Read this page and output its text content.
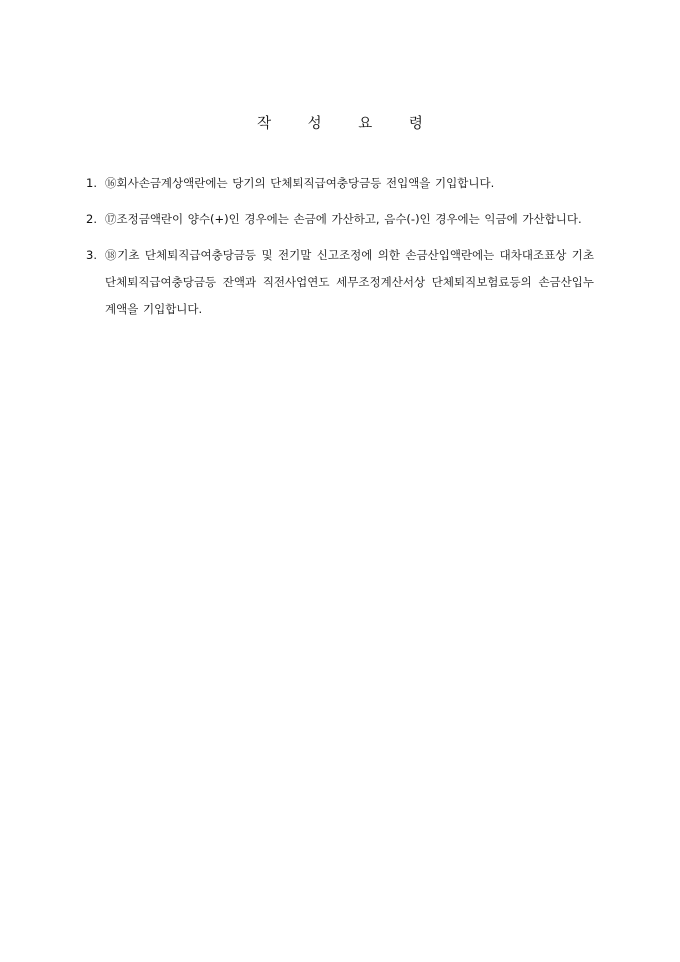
작 성 요 령
1. ⑯회사손금계상액란에는 당기의 단체퇴직급여충당금등 전입액을 기입합니다.
2. ⑰조정금액란이 양수(+)인 경우에는 손금에 가산하고, 음수(-)인 경우에는 익금에 가산합니다.
3. ⑱기초 단체퇴직급여충당금등 및 전기말 신고조정에 의한 손금산입액란에는 대차대조표상 기초 단체퇴직급여충당금등 잔액과 직전사업연도 세무조정계산서상 단체퇴직보험료등의 손금산입누계액을 기입합니다.
